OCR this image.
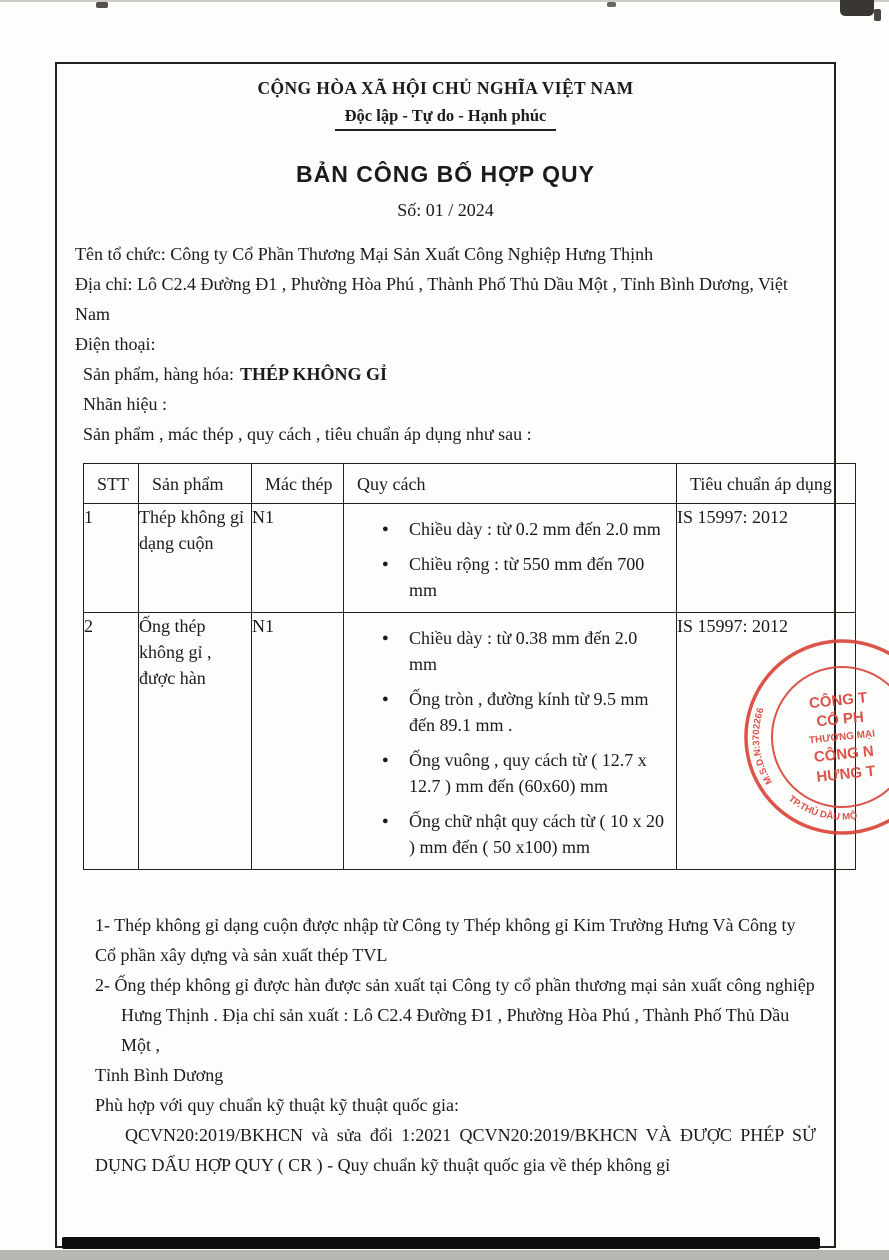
CỘNG HÒA XÃ HỘI CHỦ NGHĨA VIỆT NAM
Độc lập - Tự do - Hạnh phúc
BẢN CÔNG BỐ HỢP QUY
Số: 01 / 2024

Tên tổ chức: Công ty Cổ Phần Thương Mại Sản Xuất Công Nghiệp Hưng Thịnh

Địa chỉ: Lô C2.4 Đường Đ1 , Phường Hòa Phú , Thành Phố Thủ Dầu Một , Tỉnh Bình Dương, Việt Nam

Điện thoại:

Sản phẩm, hàng hóa: THÉP KHÔNG GỈ

Nhãn hiệu :

Sản phẩm , mác thép , quy cách , tiêu chuẩn áp dụng như sau :

STT	Sản phẩm	Mác thép	Quy cách	Tiêu chuẩn áp dụng
1	Thép không gỉ dạng cuộn	N1	● Chiều dày : từ 0.2 mm đến 2.0 mm
● Chiều rộng : từ 550 mm đến 700 mm	IS 15997: 2012
2	Ống thép không gỉ , được hàn	N1	
●	Chiều dày : từ 0.38 mm đến 2.0 mm
●	Ống tròn , đường kính từ 9.5 mm đến 89.1 mm .
●	Ống vuông , quy cách từ ( 12.7 x 12.7 ) mm đến (60x60) mm
●	Ống chữ nhật quy cách từ ( 10 x 20 ) mm đến ( 50 x100) mm
	IS 15997: 2012

1- Thép không gỉ dạng cuộn được nhập từ Công ty Thép không gỉ Kim Trường Hưng Và Công ty Cổ phần xây dựng và sản xuất thép TVL

2- Ống thép không gỉ được hàn được sản xuất tại Công ty cổ phần thương mại sản xuất công nghiệp Hưng Thịnh . Địa chỉ sản xuất : Lô C2.4 Đường Đ1 , Phường Hòa Phú , Thành Phố Thủ Dầu Một ,

Tỉnh Bình Dương

Phù hợp với quy chuẩn kỹ thuật kỹ thuật quốc gia:

QCVN20:2019/BKHCN và sửa đổi 1:2021 QCVN20:2019/BKHCN VÀ ĐƯỢC PHÉP SỬ DỤNG DẤU HỢP QUY ( CR ) - Quy chuẩn kỹ thuật quốc gia về thép không gỉ

M.S.D.N:3702266
TP.THỦ DẦU MỘ
CÔNG T
CỔ PH
THƯƠNG MẠI
CÔNG N
HƯNG T
